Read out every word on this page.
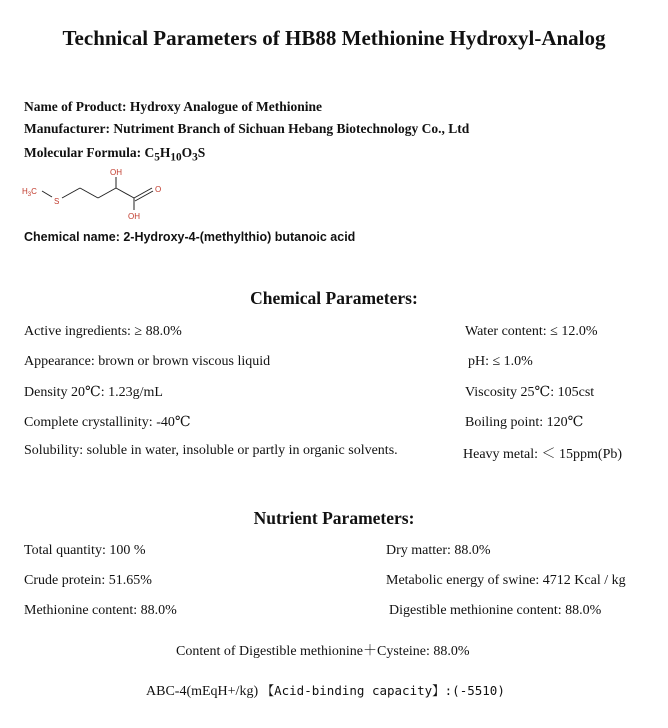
Technical Parameters of HB88 Methionine Hydroxyl-Analog
Name of Product: Hydroxy Analogue of Methionine
Manufacturer: Nutriment Branch of Sichuan Hebang Biotechnology Co., Ltd
Molecular Formula: $C_5H_{10}O_3S$
$H_3C$
S
OH
O
OH
Chemical name: 2-Hydroxy-4-(methylthio) butanoic acid
Chemical Parameters:
Active ingredients: ≥ 88.0%
Appearance: brown or brown viscous liquid
Density 20℃: 1.23g/mL
Complete crystallinity: -40℃
Solubility: soluble in water, insoluble or partly in organic solvents.
Water content: ≤ 12.0%
pH: ≤ 1.0%
Viscosity 25℃: 105cst
Boiling point: 120℃
Heavy metal: ＜ 15ppm(Pb)
Nutrient Parameters:
Total quantity: 100 %
Crude protein: 51.65%
Methionine content: 88.0%
Dry matter: 88.0%
Metabolic energy of swine: 4712 Kcal / kg
Digestible methionine content: 88.0%
Content of Digestible methionine＋Cysteine: 88.0%
ABC-4(mEqH+/kg) 【Acid-binding capacity】:(-5510)
